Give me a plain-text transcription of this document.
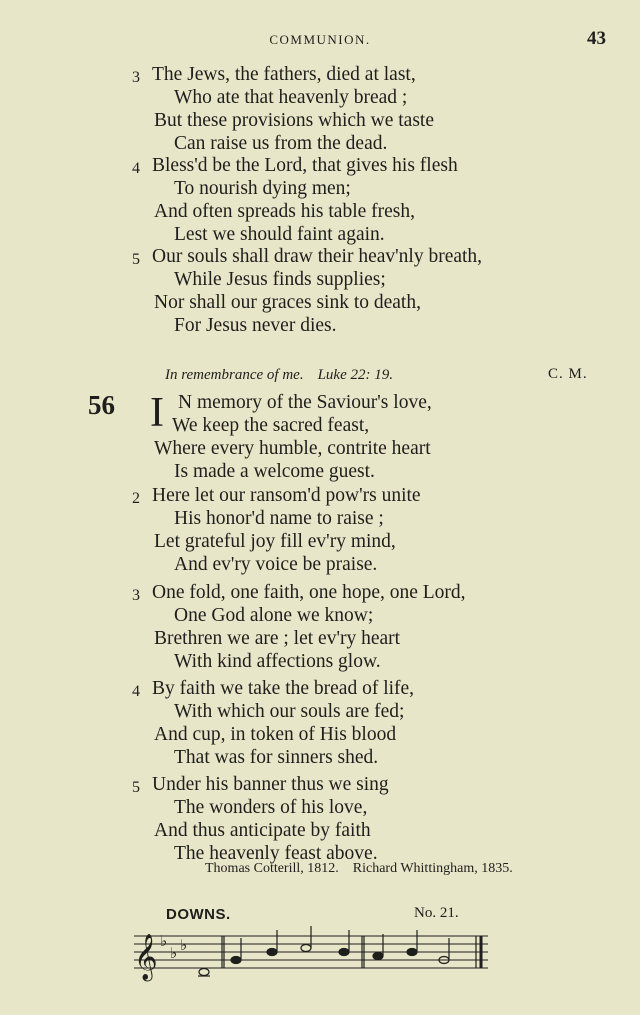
COMMUNION.	43
3 The Jews, the fathers, died at last,
Who ate that heavenly bread ;
But these provisions which we taste
Can raise us from the dead.
4 Bless'd be the Lord, that gives his flesh
To nourish dying men;
And often spreads his table fresh,
Lest we should faint again.
5 Our souls shall draw their heav'nly breath,
While Jesus finds supplies;
Nor shall our graces sink to death,
For Jesus never dies.
In remembrance of me. Luke 22: 19.	C. M.
56 I N memory of the Saviour's love,
We keep the sacred feast,
Where every humble, contrite heart
Is made a welcome guest.
2 Here let our ransom'd pow'rs unite
His honor'd name to raise ;
Let grateful joy fill ev'ry mind,
And ev'ry voice be praise.
3 One fold, one faith, one hope, one Lord,
One God alone we know;
Brethren we are ; let ev'ry heart
With kind affections glow.
4 By faith we take the bread of life,
With which our souls are fed;
And cup, in token of His blood
That was for sinners shed.
5 Under his banner thus we sing
The wonders of his love,
And thus anticipate by faith
The heavenly feast above.
Thomas Cotterill, 1812. Richard Whittingham, 1835.
DOWNS.	No. 21.
𝄞 ♭
♭ ♭
